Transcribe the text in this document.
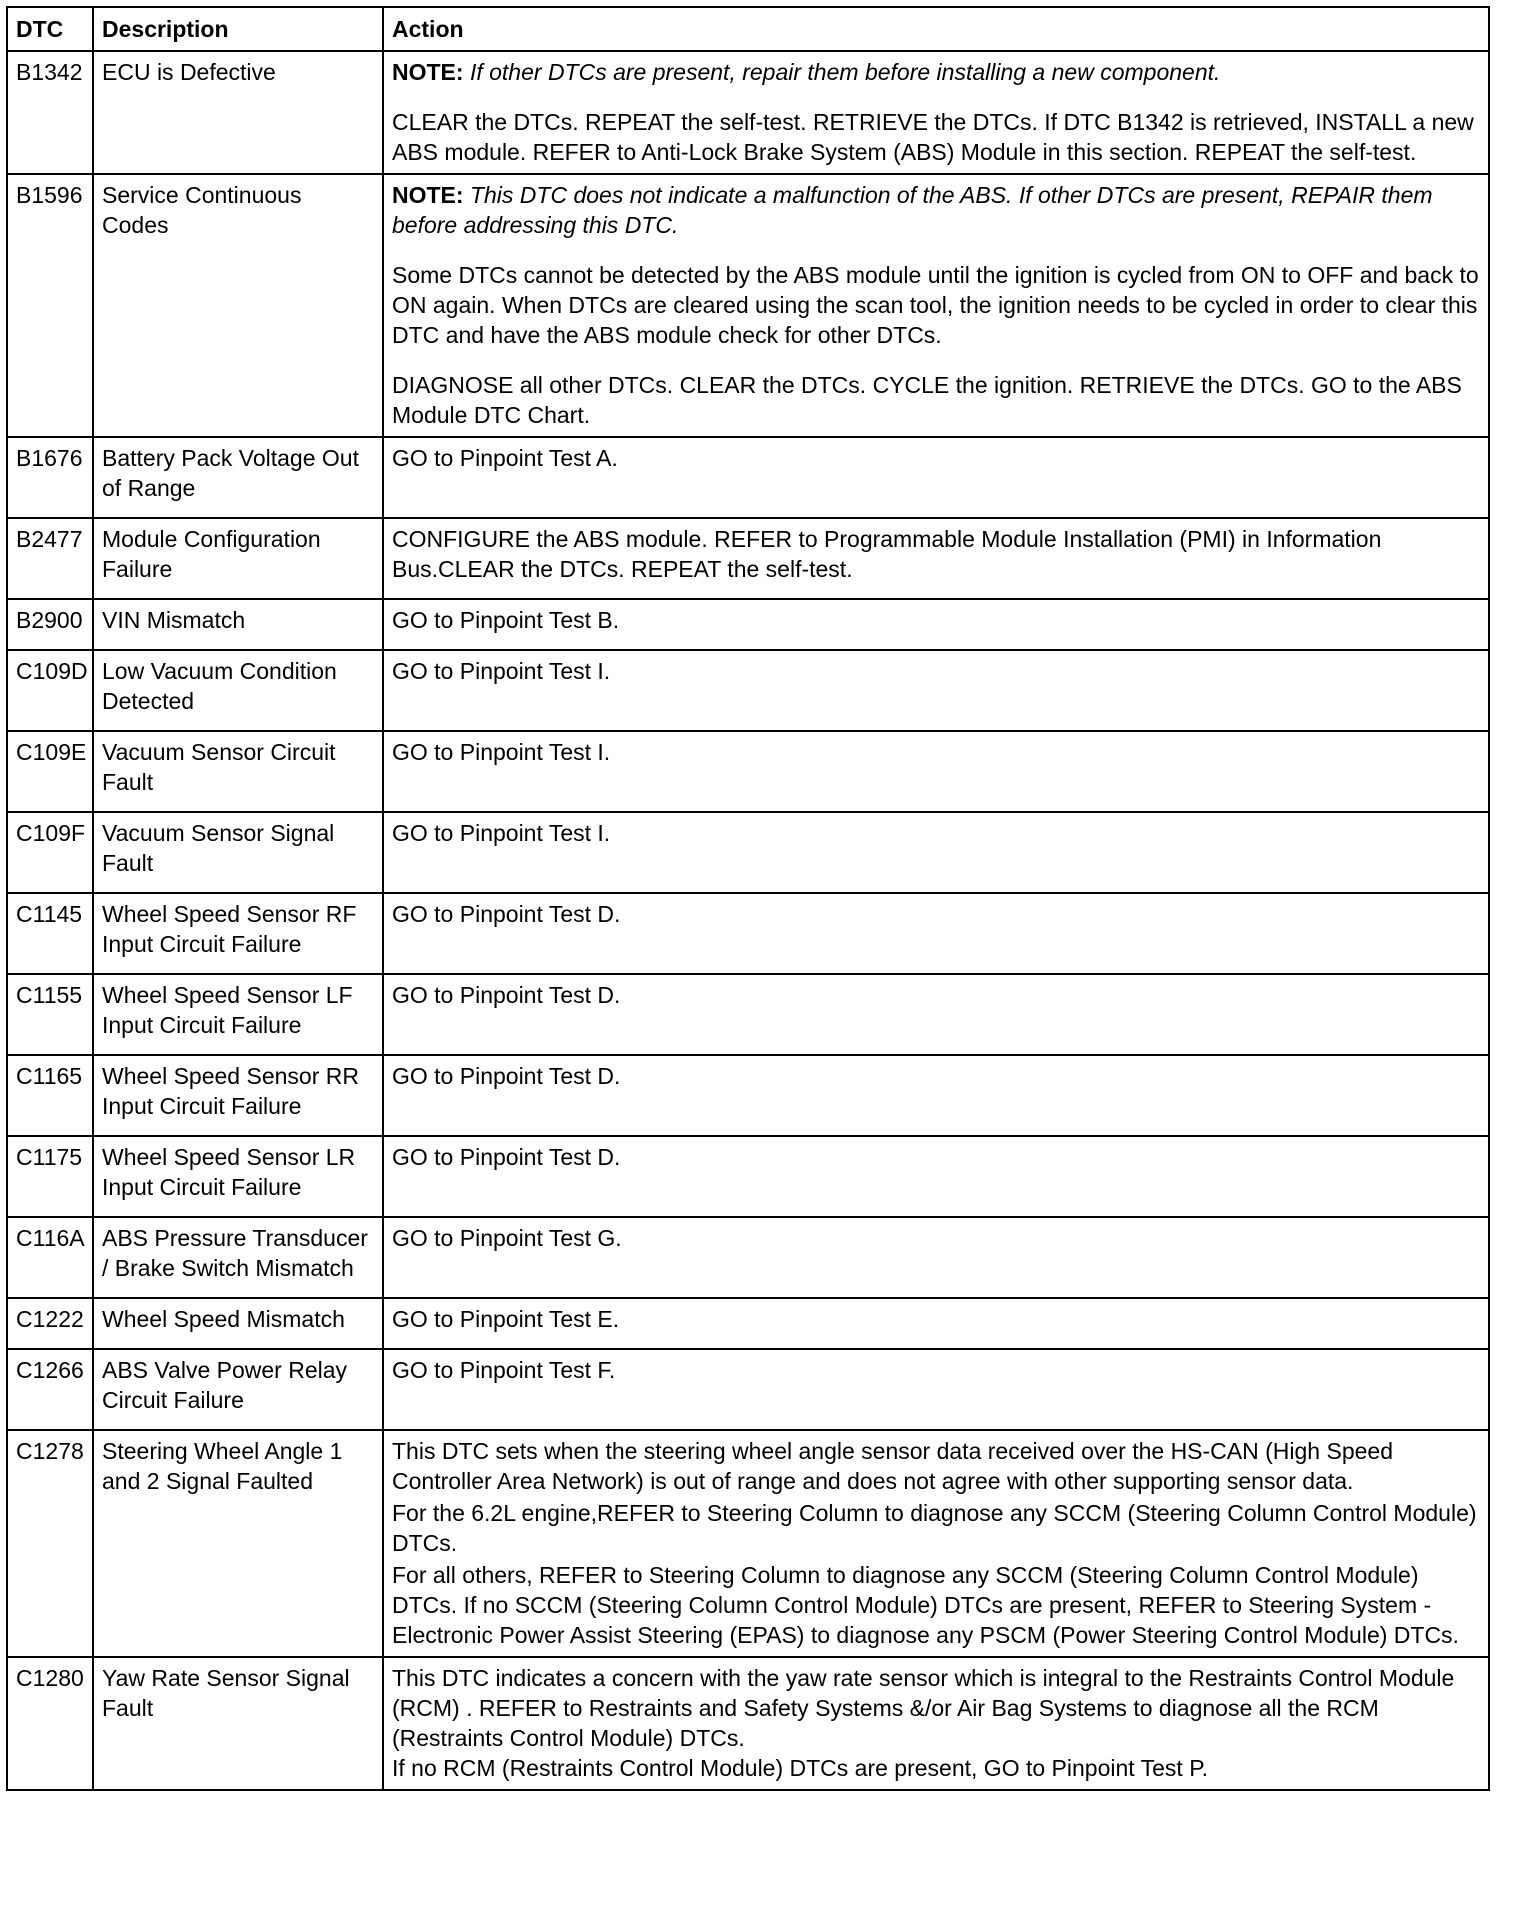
DTC	Description	Action
B1342	ECU is Defective	NOTE: If other DTCs are present, repair them before installing a new component.

CLEAR the DTCs. REPEAT the self-test. RETRIEVE the DTCs. If DTC B1342 is retrieved, INSTALL a new ABS module. REFER to Anti-Lock Brake System (ABS) Module in this section. REPEAT the self-test.

B1596	Service Continuous Codes	NOTE: This DTC does not indicate a malfunction of the ABS. If other DTCs are present, REPAIR them before addressing this DTC.

Some DTCs cannot be detected by the ABS module until the ignition is cycled from ON to OFF and back to ON again. When DTCs are cleared using the scan tool, the ignition needs to be cycled in order to clear this DTC and have the ABS module check for other DTCs.

DIAGNOSE all other DTCs. CLEAR the DTCs. CYCLE the ignition. RETRIEVE the DTCs. GO to the ABS Module DTC Chart.

B1676	Battery Pack Voltage Out of Range	GO to Pinpoint Test A.
B2477	Module Configuration Failure	CONFIGURE the ABS module. REFER to Programmable Module Installation (PMI) in Information Bus.CLEAR the DTCs. REPEAT the self-test.
B2900	VIN Mismatch	GO to Pinpoint Test B.
C109D	Low Vacuum Condition Detected	GO to Pinpoint Test I.
C109E	Vacuum Sensor Circuit Fault	GO to Pinpoint Test I.
C109F	Vacuum Sensor Signal Fault	GO to Pinpoint Test I.
C1145	Wheel Speed Sensor RF Input Circuit Failure	GO to Pinpoint Test D.
C1155	Wheel Speed Sensor LF Input Circuit Failure	GO to Pinpoint Test D.
C1165	Wheel Speed Sensor RR Input Circuit Failure	GO to Pinpoint Test D.
C1175	Wheel Speed Sensor LR Input Circuit Failure	GO to Pinpoint Test D.
C116A	ABS Pressure Transducer / Brake Switch Mismatch	GO to Pinpoint Test G.
C1222	Wheel Speed Mismatch	GO to Pinpoint Test E.
C1266	ABS Valve Power Relay Circuit Failure	GO to Pinpoint Test F.
C1278	Steering Wheel Angle 1 and 2 Signal Faulted	This DTC sets when the steering wheel angle sensor data received over the HS-CAN (High Speed Controller Area Network) is out of range and does not agree with other supporting sensor data.

For the 6.2L engine,REFER to Steering Column to diagnose any SCCM (Steering Column Control Module) DTCs.

For all others, REFER to Steering Column to diagnose any SCCM (Steering Column Control Module) DTCs. If no SCCM (Steering Column Control Module) DTCs are present, REFER to Steering System - Electronic Power Assist Steering (EPAS) to diagnose any PSCM (Power Steering Control Module) DTCs.

C1280	Yaw Rate Sensor Signal Fault	This DTC indicates a concern with the yaw rate sensor which is integral to the Restraints Control Module (RCM) . REFER to Restraints and Safety Systems &/or Air Bag Systems to diagnose all the RCM (Restraints Control Module) DTCs.

If no RCM (Restraints Control Module) DTCs are present, GO to Pinpoint Test P.
